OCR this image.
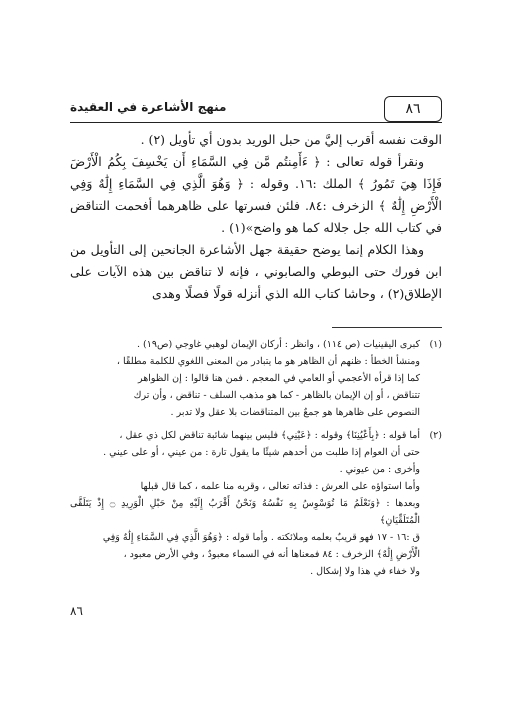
٨٦
منهج الأشاعرة في العقيدة

الوقت نفسه أقرب إليَّ من حبل الوريد بدون أي تأويل (٢) .

ونقرأ قوله تعالى : ﴿ ءَأَمِنتُم مَّن فِي السَّمَاءِ أَن يَخْسِفَ بِكُمُ الْأَرْضَ فَإِذَا هِيَ تَمُورُ ﴾ الملك :١٦. وقوله : ﴿ وَهُوَ الَّذِي فِي السَّمَاءِ إِلَٰهٌ وَفِي الْأَرْضِ إِلَٰهٌ ﴾ الزخرف :٨٤. فلئن فسرتها على ظاهرهما أفحمت التناقض في كتاب الله جل جلاله كما هو واضح»(١) .

وهذا الكلام إنما يوضح حقيقة جهل الأشاعرة الجانحين إلى التأويل من ابن فورك حتى البوطي والصابوني ، فإنه لا تناقض بين هذه الآيات على الإطلاق(٢) ، وحاشا كتاب الله الذي أنزله قولًا فصلًا وهدى

(١)
كبرى اليقينيات (ص ١١٤) ، وانظر : أركان الإيمان لوهبي غاوجي (ص١٩) .
ومنشأ الخطأ : ظنهم أن الظاهر هو ما يتبادر من المعنى اللغوي للكلمة مطلقًا ،
كما إذا قرأه الأعجمي أو العامي في المعجم . فمن هنا قالوا : إن الظواهر
تتناقض ، أو إن الإيمان بالظاهر - كما هو مذهب السلف - تناقض ، وأن ترك
النصوص على ظاهرها هو جمعٌ بين المتناقضات بلا عقل ولا تدبر .
(٢)
أما قوله : ﴿بِأَعْيُنِنَا﴾ وقوله : ﴿عَيْنِي﴾ فليس بينهما شائبة تناقض لكل ذي عقل ،
حتى أن العوام إذا طلبت من أحدهم شيئًا ما يقول تارة : من عيني ، أو على عيني .
وأخرى : من عيوني .
وأما استواؤه على العرش : فذاته تعالى ، وقربه منا علمه ، كما قال قبلها
وبعدها : ﴿وَنَعْلَمُ مَا تُوَسْوِسُ بِهِ نَفْسُهُ وَنَحْنُ أَقْرَبُ إِلَيْهِ مِنْ حَبْلِ الْوَرِيدِ ۝ إِذْ يَتَلَقَّى الْمُتَلَقِّيَانِ﴾
ق :١٦ - ١٧ فهو قريبٌ بعلمه وملائكته . وأما قوله : ﴿وَهُوَ الَّذِي فِي السَّمَاءِ إِلَٰهٌ وَفِي
الْأَرْضِ إِلَٰهٌ﴾ الزخرف : ٨٤ فمعناها أنه في السماء معبودٌ ، وفي الأرض معبود ،
ولا خفاء في هذا ولا إشكال .
٨٦
